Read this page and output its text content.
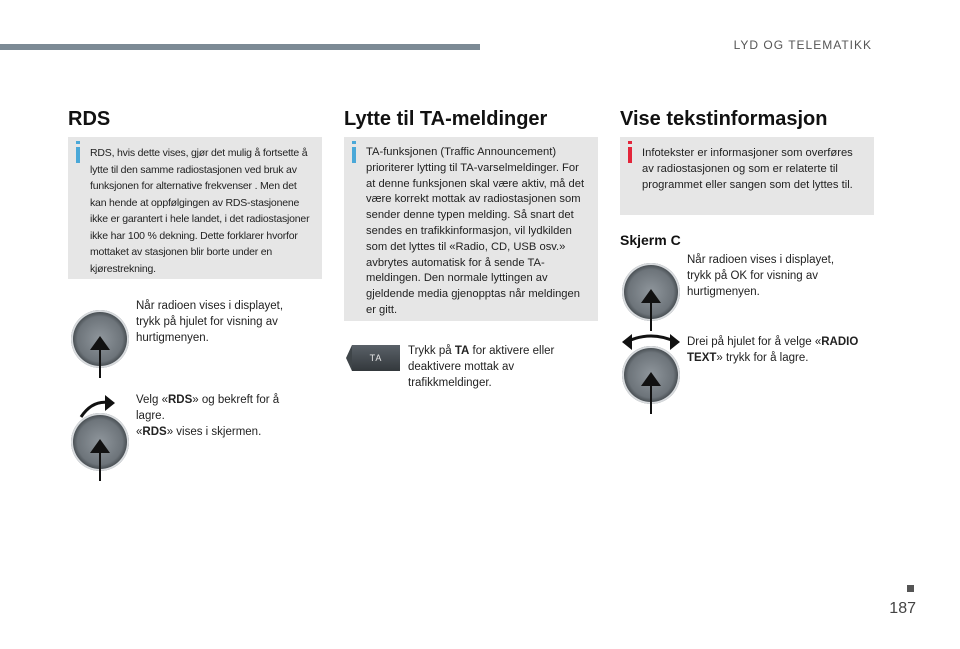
LYD OG TELEMATIKK
RDS

RDS, hvis dette vises, gjør det mulig å fortsette å lytte til den samme radiostasjonen ved bruk av funksjonen for alternative frekvenser . Men det kan hende at oppfølgingen av RDS-stasjonene ikke er garantert i hele landet, i det radiostasjoner ikke har 100 % dekning. Dette forklarer hvorfor mottaket av stasjonen blir borte under en kjørestrekning.

Når radioen vises i displayet, trykk på hjulet for visning av hurtigmenyen.

Velg «RDS» og bekreft for å lagre.
«RDS» vises i skjermen.

Lytte til TA-meldinger

TA-funksjonen (Traffic Announcement) prioriterer lytting til TA-varselmeldinger. For at denne funksjonen skal være aktiv, må det være korrekt mottak av radiostasjonen som sender denne typen melding. Så snart det sendes en trafikkinformasjon, vil lydkilden som det lyttes til «Radio, CD, USB osv.» avbrytes automatisk for å sende TA-meldingen. Den normale lyttingen av gjeldende media gjenopptas når meldingen er gitt.

TA

Trykk på TA for aktivere eller deaktivere mottak av trafikkmeldinger.

Vise tekstinformasjon

Infotekster er informasjoner som overføres av radiostasjonen og som er relaterte til programmet eller sangen som det lyttes til.

Skjerm C

Når radioen vises i displayet, trykk på OK for visning av hurtigmenyen.

Drei på hjulet for å velge «RADIO TEXT» trykk for å lagre.

187
